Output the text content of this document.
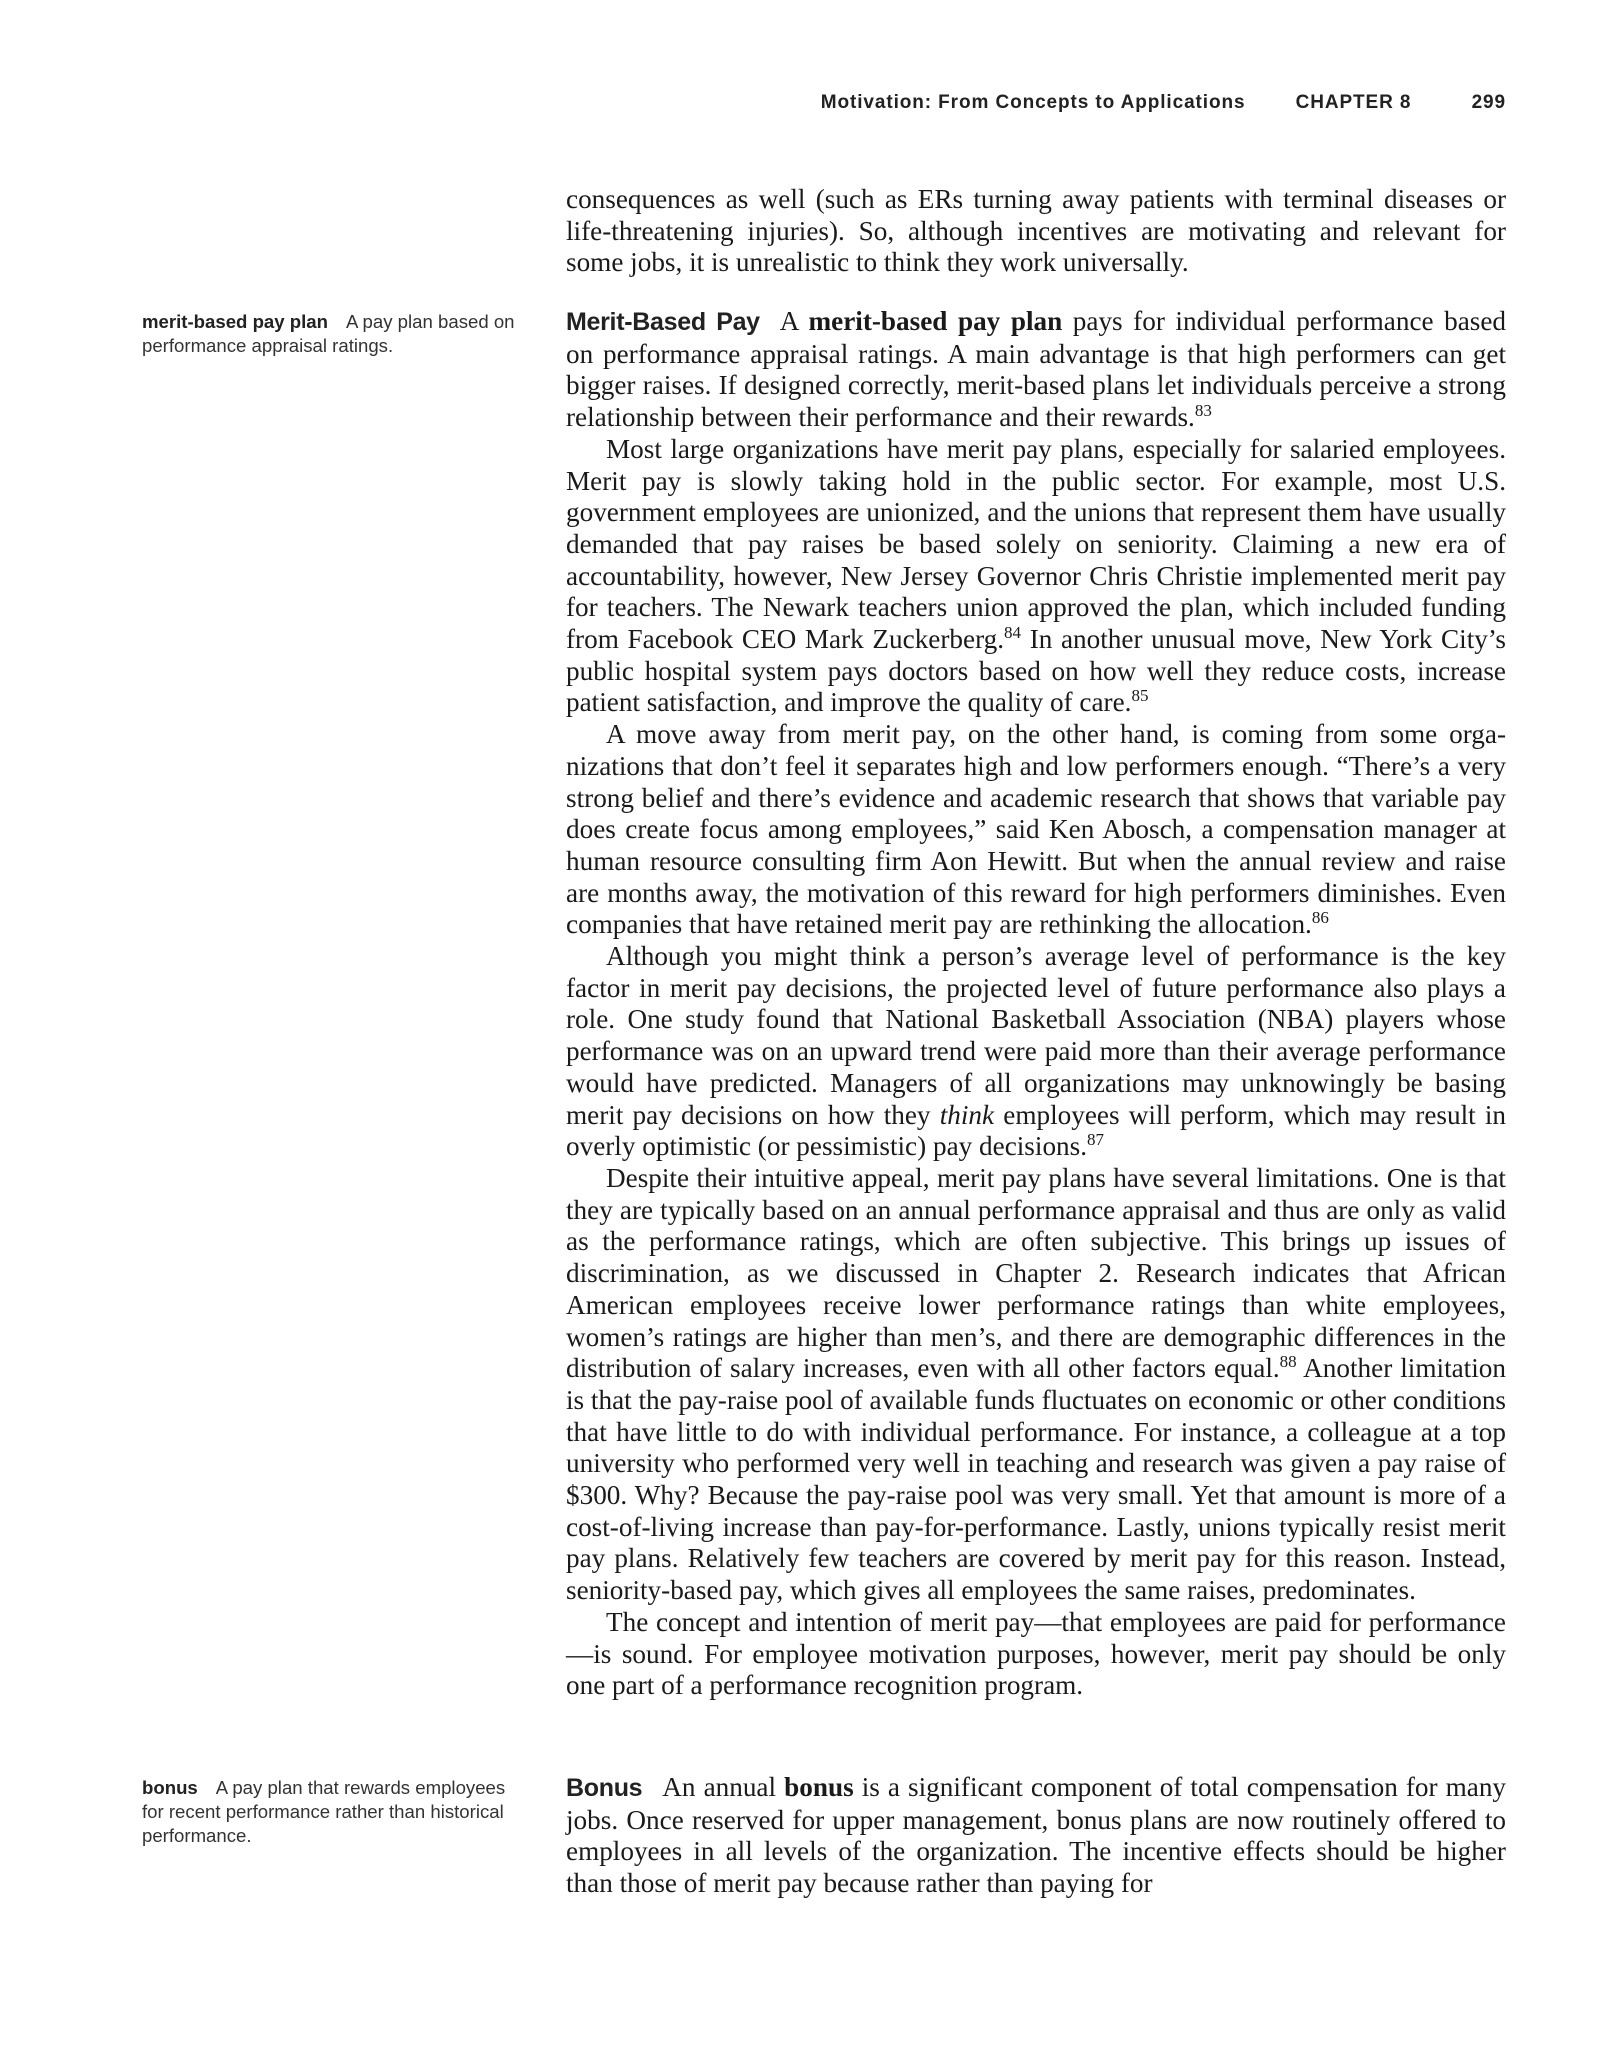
Motivation: From Concepts to Applications	CHAPTER 8	299
merit-based pay plan A pay plan based on performance appraisal ratings.
bonus A pay plan that rewards employees for recent performance rather than historical performance.

consequences as well (such as ERs turning away patients with terminal diseases or life-threatening injuries). So, although incentives are motivating and relevant for some jobs, it is unrealistic to think they work universally.

Merit-Based Pay A merit-based pay plan pays for individual performance based on performance appraisal ratings. A main advantage is that high performers can get bigger raises. If designed correctly, merit-based plans let individuals perceive a strong relationship between their performance and their rewards.$^{83}$

Most large organizations have merit pay plans, especially for salaried employees. Merit pay is slowly taking hold in the public sector. For example, most U.S. government employees are unionized, and the unions that represent them have usually demanded that pay raises be based solely on seniority. Claiming a new era of accountability, however, New Jersey Governor Chris Christie implemented merit pay for teachers. The Newark teachers union approved the plan, which included funding from Facebook CEO Mark Zuckerberg.$^{84}$ In another unusual move, New York City’s public hospital system pays doctors based on how well they reduce costs, increase patient satisfaction, and improve the quality of care.$^{85}$

A move away from merit pay, on the other hand, is coming from some organizations that don’t feel it separates high and low performers enough. “There’s a very strong belief and there’s evidence and academic research that shows that variable pay does create focus among employees,” said Ken Abosch, a compensation manager at human resource consulting firm Aon Hewitt. But when the annual review and raise are months away, the motivation of this reward for high performers diminishes. Even companies that have retained merit pay are rethinking the allocation.$^{86}$

Although you might think a person’s average level of performance is the key factor in merit pay decisions, the projected level of future performance also plays a role. One study found that National Basketball Association (NBA) players whose performance was on an upward trend were paid more than their average performance would have predicted. Managers of all organizations may unknowingly be basing merit pay decisions on how they think employees will perform, which may result in overly optimistic (or pessimistic) pay decisions.$^{87}$

Despite their intuitive appeal, merit pay plans have several limitations. One is that they are typically based on an annual performance appraisal and thus are only as valid as the performance ratings, which are often subjective. This brings up issues of discrimination, as we discussed in Chapter 2. Research indicates that African American employees receive lower performance ratings than white employees, women’s ratings are higher than men’s, and there are demographic differences in the distribution of salary increases, even with all other factors equal.$^{88}$ Another limitation is that the pay-raise pool of available funds fluctuates on economic or other conditions that have little to do with individual performance. For instance, a colleague at a top university who performed very well in teaching and research was given a pay raise of $300. Why? Because the pay-raise pool was very small. Yet that amount is more of a cost-of-living increase than pay-for-performance. Lastly, unions typically resist merit pay plans. Relatively few teachers are covered by merit pay for this reason. Instead, seniority-based pay, which gives all employees the same raises, predominates.

The concept and intention of merit pay—that employees are paid for performance—is sound. For employee motivation purposes, however, merit pay should be only one part of a performance recognition program.

Bonus An annual bonus is a significant component of total compensation for many jobs. Once reserved for upper management, bonus plans are now routinely offered to employees in all levels of the organization. The incentive effects should be higher than those of merit pay because rather than paying for
